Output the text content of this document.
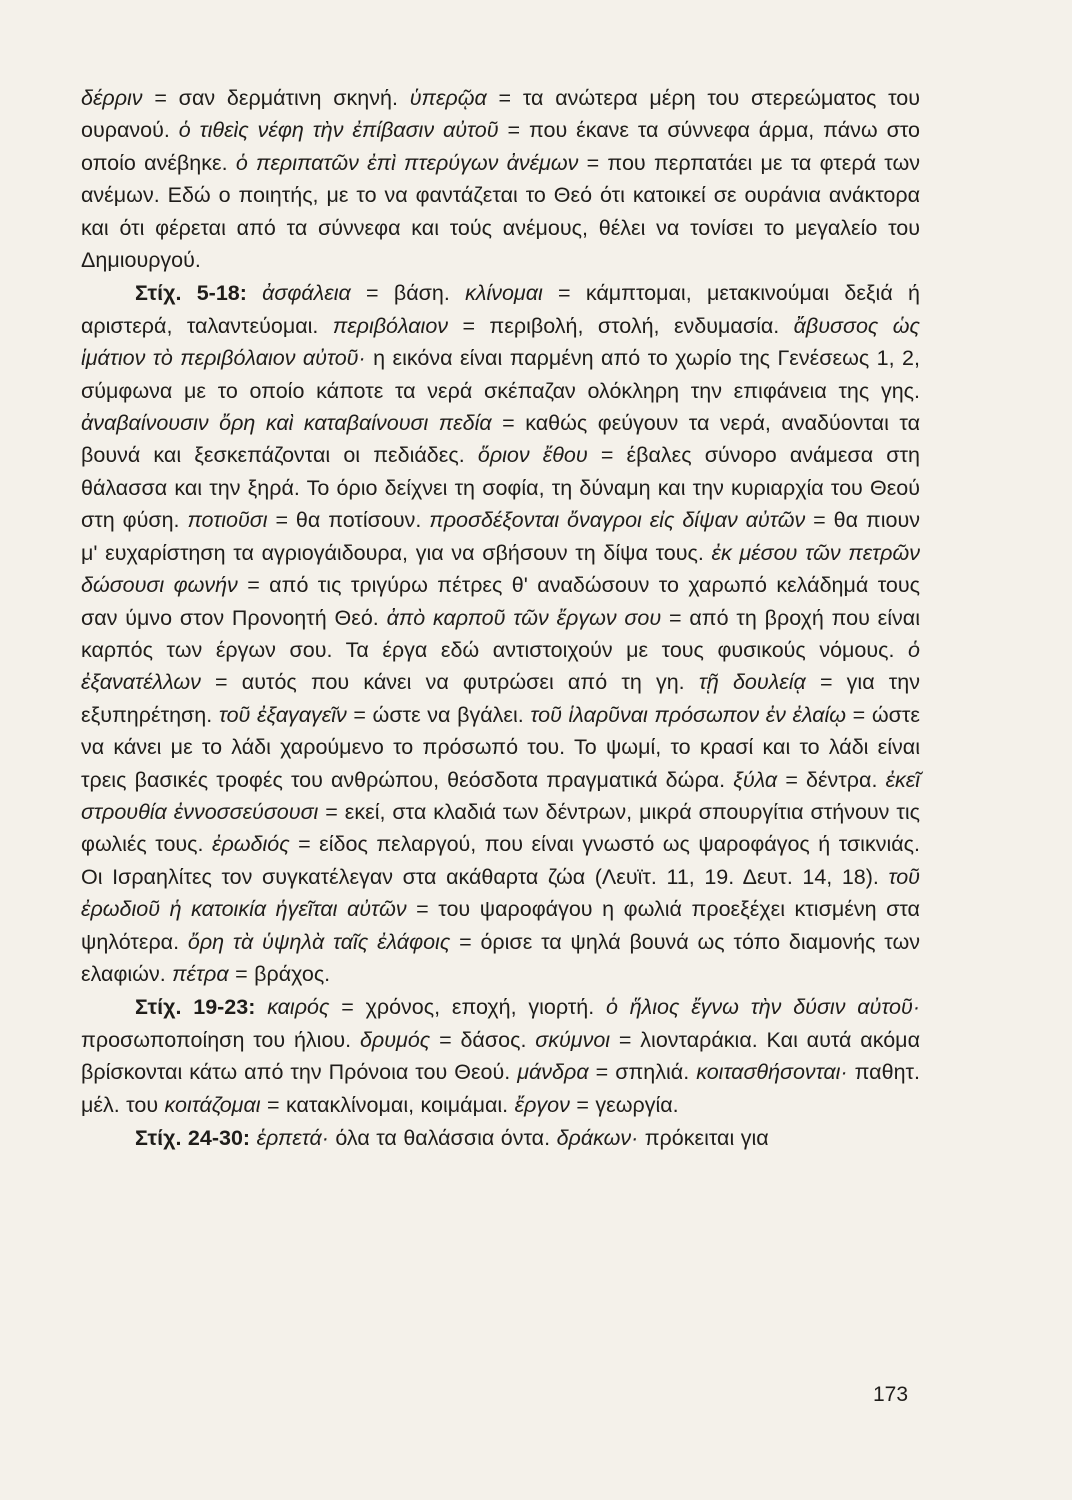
δέρριν = σαν δερμάτινη σκηνή. ὑπερῷα = τα ανώτερα μέρη του στερεώματος του ουρανού. ὁ τιθεὶς νέφη τὴν ἐπίβασιν αὐτοῦ = που έκανε τα σύννεφα άρμα, πάνω στο οποίο ανέβηκε. ὁ περιπατῶν ἐπὶ πτερύγων ἀνέμων = που περπατάει με τα φτερά των ανέμων. Εδώ ο ποιητής, με το να φαντάζεται το Θεό ότι κατοικεί σε ουράνια ανάκτορα και ότι φέρεται από τα σύννεφα και τούς ανέμους, θέλει να τονίσει το μεγαλείο του Δημιουργού.

Στίχ. 5-18: ἀσφάλεια = βάση. κλίνομαι = κάμπτομαι, μετακινούμαι δεξιά ή αριστερά, ταλαντεύομαι. περιβόλαιον = περιβολή, στολή, ενδυμασία. ἄβυσσος ὡς ἱμάτιον τὸ περιβόλαιον αὐτοῦ· η εικόνα είναι παρμένη από το χωρίο της Γενέσεως 1, 2, σύμφωνα με το οποίο κάποτε τα νερά σκέπαζαν ολόκληρη την επιφάνεια της γης. ἀναβαίνουσιν ὄρη καὶ καταβαίνουσι πεδία = καθώς φεύγουν τα νερά, αναδύονται τα βουνά και ξεσκεπάζονται οι πεδιάδες. ὅριον ἔθου = έβαλες σύνορο ανάμεσα στη θάλασσα και την ξηρά. Το όριο δείχνει τη σοφία, τη δύναμη και την κυριαρχία του Θεού στη φύση. ποτιοῦσι = θα ποτίσουν. προσδέξονται ὄναγροι εἰς δίψαν αὐτῶν = θα πιουν μ' ευχαρίστηση τα αγριογάιδουρα, για να σβήσουν τη δίψα τους. ἐκ μέσου τῶν πετρῶν δώσουσι φωνήν = από τις τριγύρω πέτρες θ' αναδώσουν το χαρωπό κελάδημά τους σαν ύμνο στον Προνοητή Θεό. ἀπὸ καρποῦ τῶν ἔργων σου = από τη βροχή που είναι καρπός των έργων σου. Τα έργα εδώ αντιστοιχούν με τους φυσικούς νόμους. ὁ ἐξανατέλλων = αυτός που κάνει να φυτρώσει από τη γη. τῇ δουλείᾳ = για την εξυπηρέτηση. τοῦ ἐξαγαγεῖν = ώστε να βγάλει. τοῦ ἱλαρῦναι πρόσωπον ἐν ἐλαίῳ = ώστε να κάνει με το λάδι χαρούμενο το πρόσωπό του. Το ψωμί, το κρασί και το λάδι είναι τρεις βασικές τροφές του ανθρώπου, θεόσδοτα πραγματικά δώρα. ξύλα = δέντρα. ἐκεῖ στρουθία ἐννοσσεύσουσι = εκεί, στα κλαδιά των δέντρων, μικρά σπουργίτια στήνουν τις φωλιές τους. ἐρωδιός = είδος πελαργού, που είναι γνωστό ως ψαροφάγος ή τσικνιάς. Οι Ισραηλίτες τον συγκατέλεγαν στα ακάθαρτα ζώα (Λευϊτ. 11, 19. Δευτ. 14, 18). τοῦ ἐρωδιοῦ ἡ κατοικία ἡγεῖται αὐτῶν = του ψαροφάγου η φωλιά προεξέχει κτισμένη στα ψηλότερα. ὄρη τὰ ὑψηλὰ ταῖς ἐλάφοις = όρισε τα ψηλά βουνά ως τόπο διαμονής των ελαφιών. πέτρα = βράχος.

Στίχ. 19-23: καιρός = χρόνος, εποχή, γιορτή. ὁ ἥλιος ἔγνω τὴν δύσιν αὐτοῦ· προσωποποίηση του ήλιου. δρυμός = δάσος. σκύμνοι = λιονταράκια. Και αυτά ακόμα βρίσκονται κάτω από την Πρόνοια του Θεού. μάνδρα = σπηλιά. κοιτασθήσονται· παθητ. μέλ. του κοιτάζομαι = κατακλίνομαι, κοιμάμαι. ἔργον = γεωργία.

Στίχ. 24-30: ἑρπετά· όλα τα θαλάσσια όντα. δράκων· πρόκειται για

173
